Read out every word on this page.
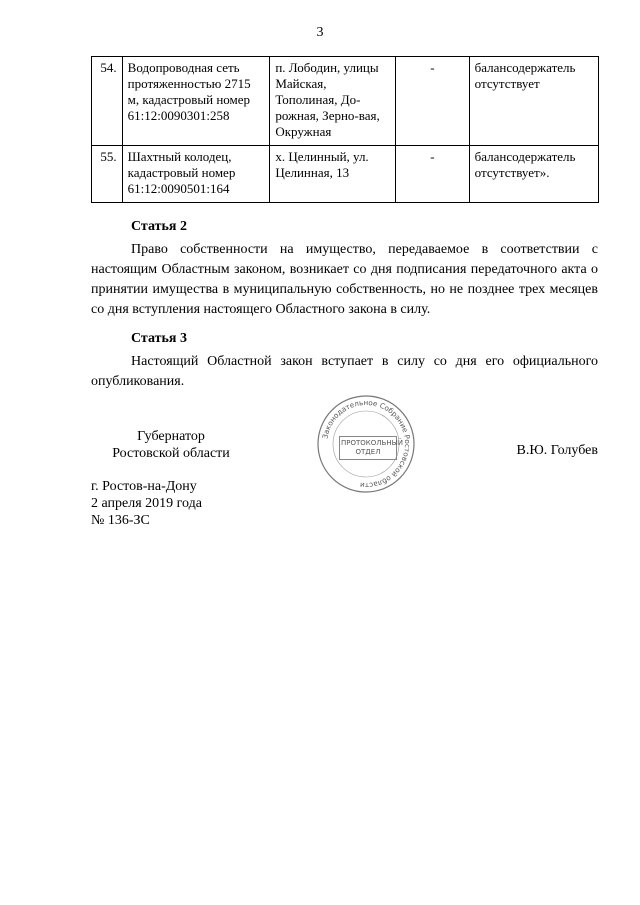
3
54.	Водопроводная сеть протяженностью 2715 м, кадастровый номер 61:12:0090301:258	п. Лободин, улицы Майская, Тополиная, До-рожная, Зерно-вая, Окружная	-	балансодержатель отсутствует
55.	Шахтный колодец, кадастровый номер 61:12:0090501:164	х. Целинный, ул. Целинная, 13	-	балансодержатель отсутствует».
Статья 2
Право собственности на имущество, передаваемое в соответствии с настоящим Областным законом, возникает со дня подписания передаточного акта о принятии имущества в муниципальную собственность, но не позднее трех месяцев со дня вступления настоящего Областного закона в силу.
Статья 3
Настоящий Областной закон вступает в силу со дня его официального опубликования.
Губернатор
Ростовской области
Законодательное Собрание Ростовской области
ПРОТОКОЛЬНЫЙ
ОТДЕЛ	В.Ю. Голубев
г. Ростов-на-Дону
2 апреля 2019 года
№ 136-ЗС
